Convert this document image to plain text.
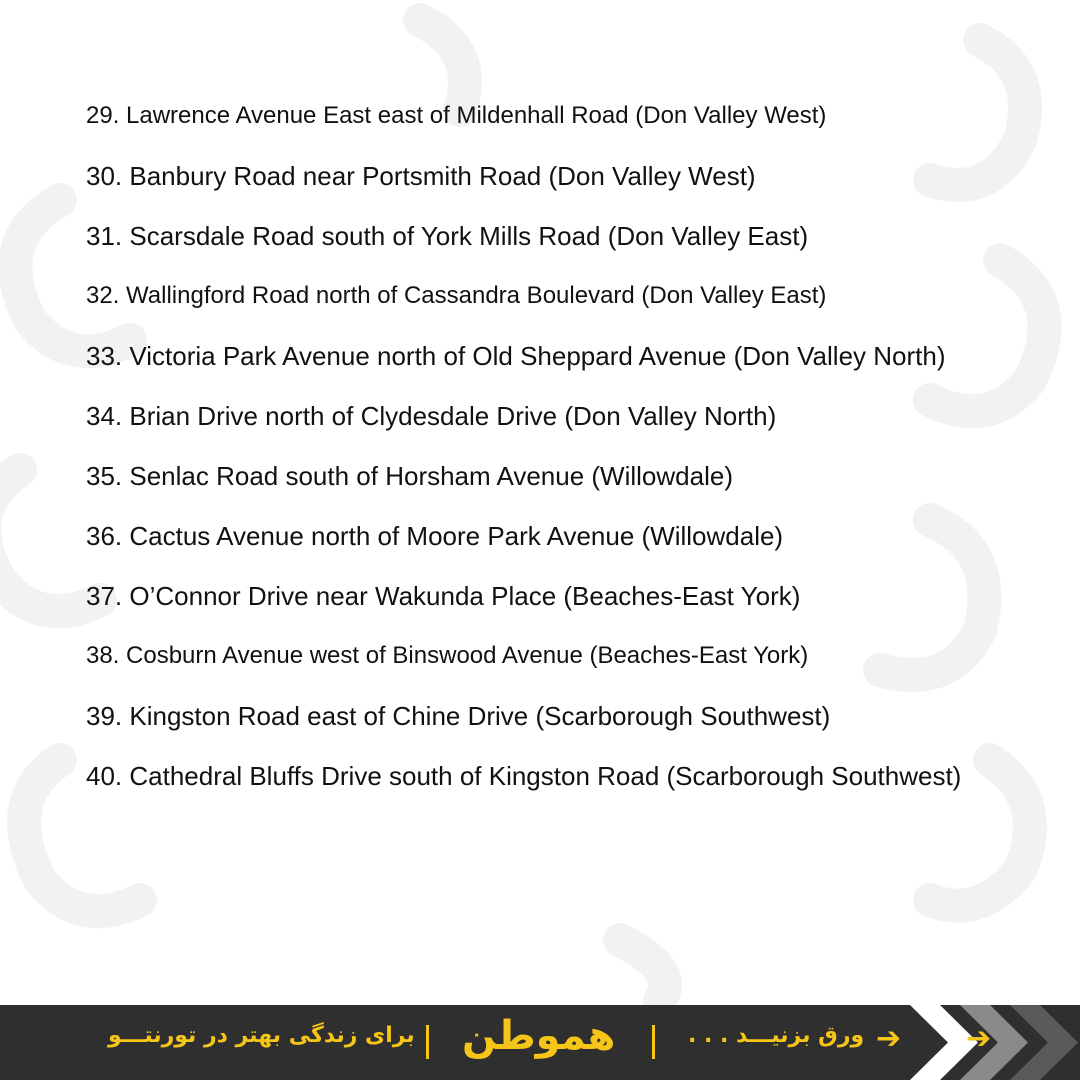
29. Lawrence Avenue East east of Mildenhall Road (Don Valley West)
30. Banbury Road near Portsmith Road (Don Valley West)
31. Scarsdale Road south of York Mills Road (Don Valley East)
32. Wallingford Road north of Cassandra Boulevard (Don Valley East)
33. Victoria Park Avenue north of Old Sheppard Avenue (Don Valley North)
34. Brian Drive north of Clydesdale Drive (Don Valley North)
35. Senlac Road south of Horsham Avenue (Willowdale)
36. Cactus Avenue north of Moore Park Avenue (Willowdale)
37. O’Connor Drive near Wakunda Place (Beaches-East York)
38. Cosburn Avenue west of Binswood Avenue (Beaches-East York)
39. Kingston Road east of Chine Drive (Scarborough Southwest)
40. Cathedral Bluffs Drive south of Kingston Road (Scarborough Southwest)
➔
➔
ورق بزنیـــد . . .
هموطن
برای زندگی بهتر در تورنتـــو
